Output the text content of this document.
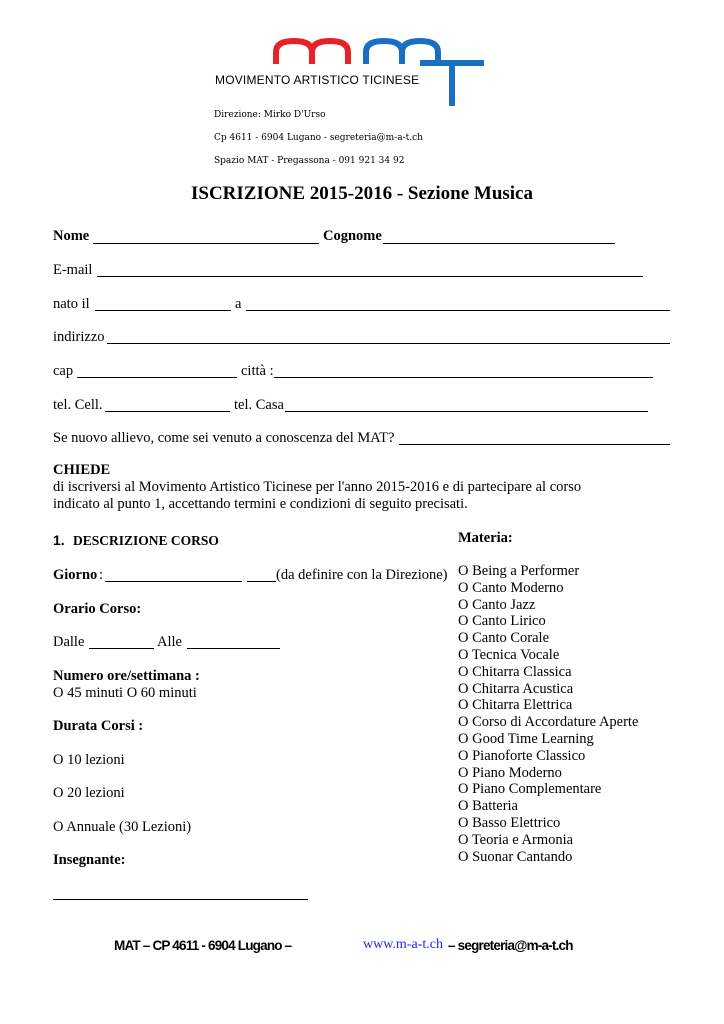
MOVIMENTO ARTISTICO TICINESE
Direzione: Mirko D'Urso
Cp 4611 - 6904 Lugano - segreteria@m-a-t.ch
Spazio MAT - Pregassona - 091 921 34 92
ISCRIZIONE 2015-2016 - Sezione Musica
Nome	Cognome
E-mail
nato il	a
indirizzo
cap	città :
tel. Cell.	tel. Casa
Se nuovo allievo, come sei venuto a conoscenza del MAT?
CHIEDE
di iscriversi al Movimento Artistico Ticinese per l'anno 2015-2016 e di partecipare al corso
indicato al punto 1, accettando termini e condizioni di seguito precisati.
1. DESCRIZIONE CORSO
Giorno :	(da definire con la Direzione)
Orario Corso:
Dalle	Alle
Numero ore/settimana :
O 45 minuti O 60 minuti
Durata Corsi :
O 10 lezioni
O 20 lezioni
O Annuale (30 Lezioni)
Insegnante:
Materia:
O Being a Performer
O Canto Moderno
O Canto Jazz
O Canto Lirico
O Canto Corale
O Tecnica Vocale
O Chitarra Classica
O Chitarra Acustica
O Chitarra Elettrica
O Corso di Accordature Aperte
O Good Time Learning
O Pianoforte Classico
O Piano Moderno
O Piano Complementare
O Batteria
O Basso Elettrico
O Teoria e Armonia
O Suonar Cantando
MAT – CP 4611 - 6904 Lugano –	www.m-a-t.ch – segreteria@m-a-t.ch
